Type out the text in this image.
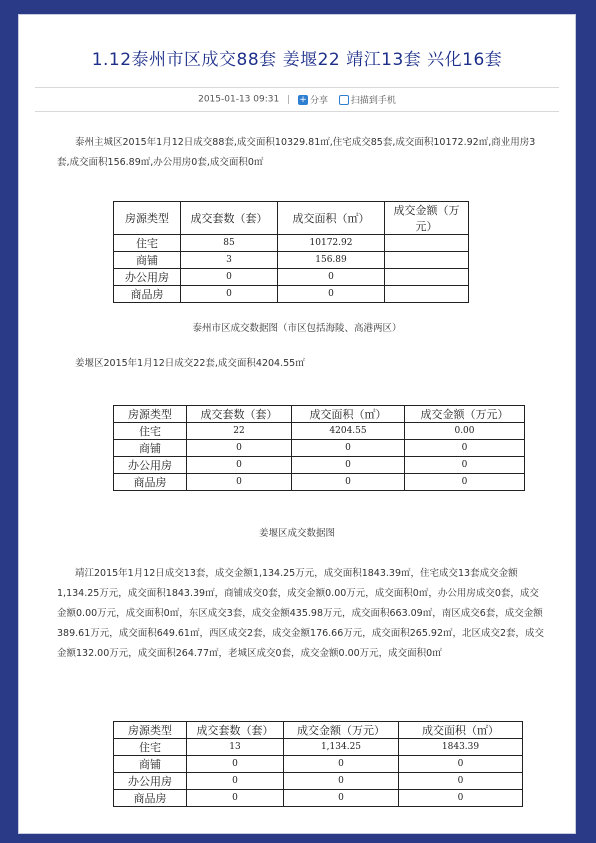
1.12泰州市区成交88套 姜堰22 靖江13套 兴化16套
2015-01-13 09:31 | + 分享	扫描到手机
泰州主城区2015年1月12日成交88套,成交面积10329.81㎡,住宅成交85套,成交面积10172.92㎡,商业用房3套,成交面积156.89㎡,办公用房0套,成交面积0㎡
房源类型	成交套数（套）	成交面积（㎡）	成交金额（万元）
住宅	85	10172.92	
商铺	3	156.89	
办公用房	0	0	
商品房	0	0	
泰州市区成交数据图（市区包括海陵、高港两区）
姜堰区2015年1月12日成交22套,成交面积4204.55㎡
房源类型	成交套数（套）	成交面积（㎡）	成交金额（万元）
住宅	22	4204.55	0.00
商铺	0	0	0
办公用房	0	0	0
商品房	0	0	0
姜堰区成交数据图
靖江2015年1月12日成交13套，成交金额1,134.25万元，成交面积1843.39㎡，住宅成交13套成交金额1,134.25万元，成交面积1843.39㎡，商铺成交0套，成交金额0.00万元，成交面积0㎡，办公用房成交0套，成交金额0.00万元，成交面积0㎡，东区成交3套，成交金额435.98万元，成交面积663.09㎡，南区成交6套，成交金额389.61万元，成交面积649.61㎡，西区成交2套，成交金额176.66万元，成交面积265.92㎡，北区成交2套，成交金额132.00万元，成交面积264.77㎡，老城区成交0套，成交金额0.00万元，成交面积0㎡
房源类型	成交套数（套）	成交金额（万元）	成交面积（㎡）
住宅	13	1,134.25	1843.39
商铺	0	0	0
办公用房	0	0	0
商品房	0	0	0
